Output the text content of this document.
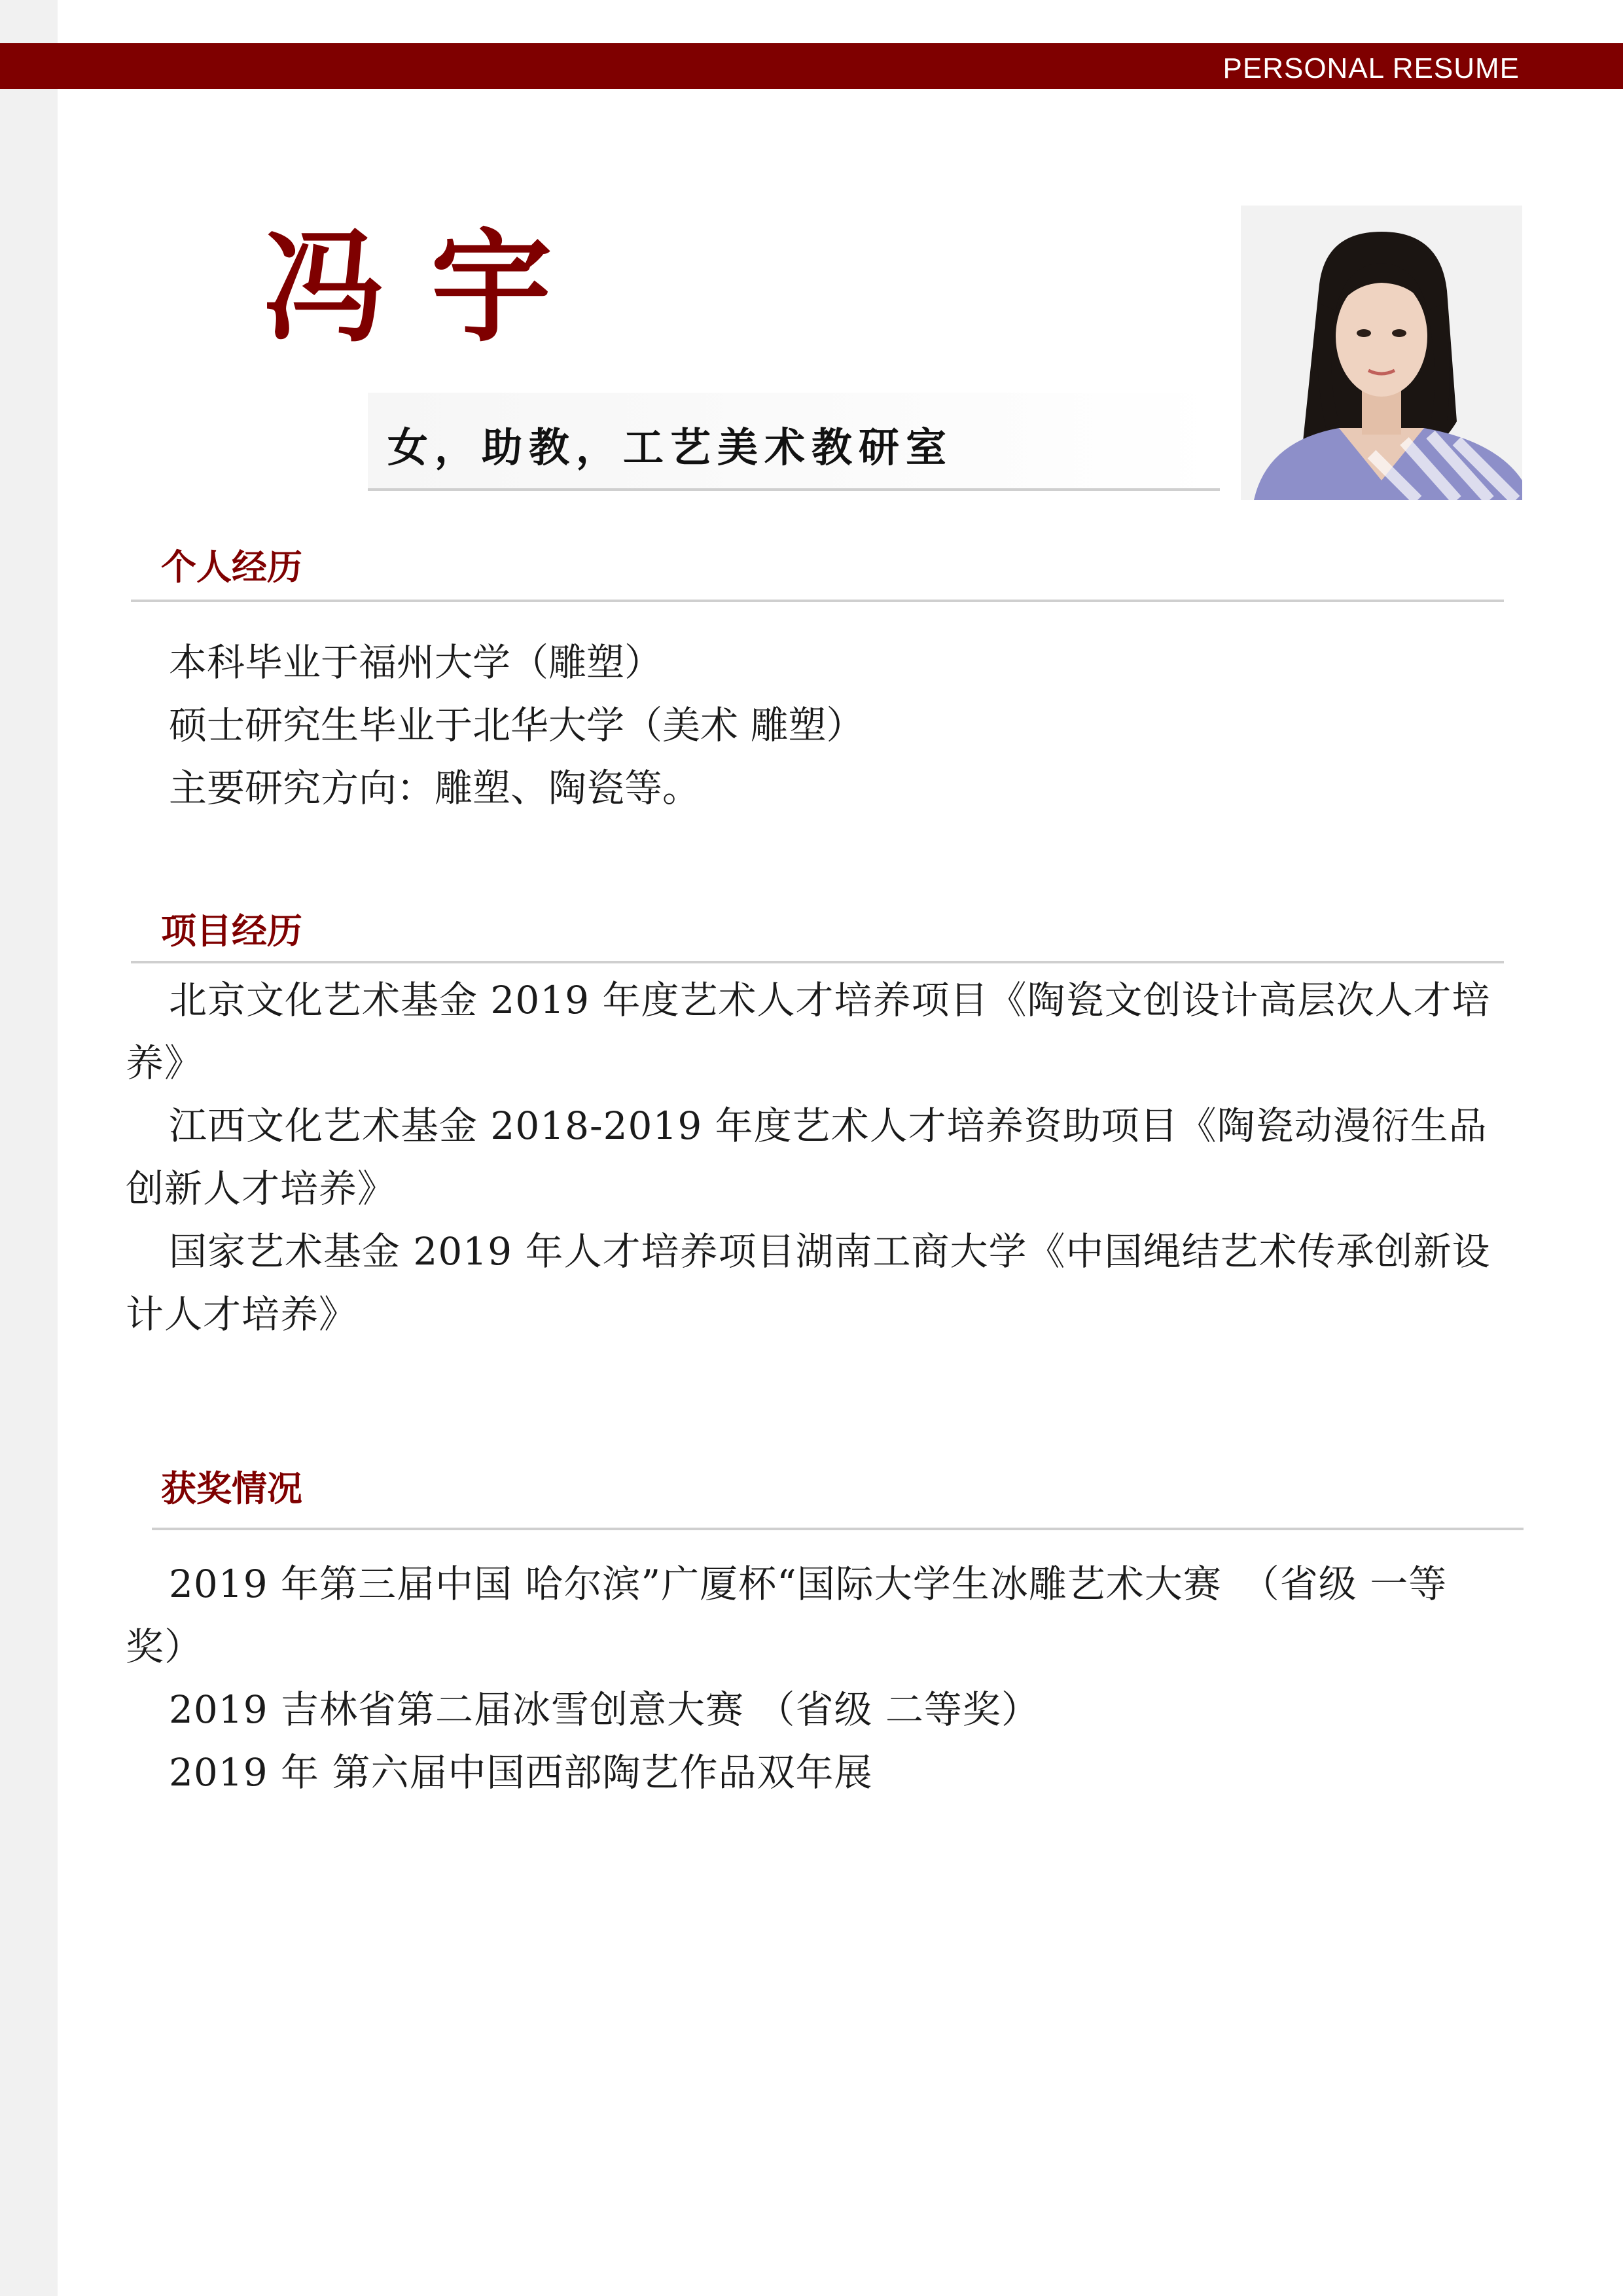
PERSONAL RESUME
冯宇
女，助教，工艺美术教研室
个人经历
本科毕业于福州大学（雕塑）
硕士研究生毕业于北华大学（美术 雕塑）
主要研究方向：雕塑、陶瓷等。
项目经历
北京文化艺术基金 2019 年度艺术人才培养项目《陶瓷文创设计高层次人才培养》
江西文化艺术基金 2018-2019 年度艺术人才培养资助项目《陶瓷动漫衍生品创新人才培养》
国家艺术基金 2019 年人才培养项目湖南工商大学《中国绳结艺术传承创新设计人才培养》
获奖情况
2019 年第三届中国 哈尔滨”广厦杯“国际大学生冰雕艺术大赛　（省级 一等奖）
2019 吉林省第二届冰雪创意大赛 （省级 二等奖）
2019 年 第六届中国西部陶艺作品双年展
